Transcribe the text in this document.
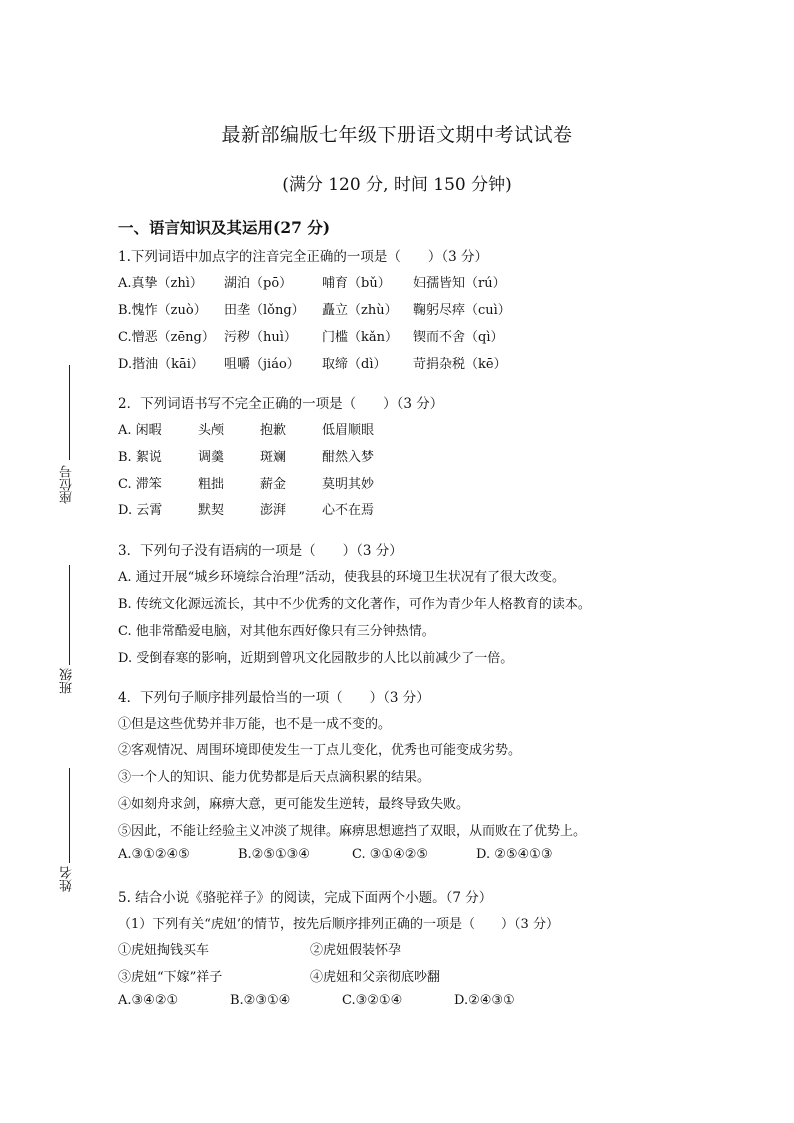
最新部编版七年级下册语文期中考试试卷
(满分 120 分, 时间 150 分钟)
一、语言知识及其运用(27 分)
座位号
班级
姓名
1.下列词语中加点字的注音完全正确的一项是（　　）（3 分）
A.真挚（zhì） 湖泊（pō） 哺育（bǔ） 妇孺皆知（rú）
B.愧怍（zuò） 田垄（lǒng） 矗立（zhù） 鞠躬尽瘁（cuì）
C.憎恶（zēng） 污秽（huì） 门槛（kǎn） 锲而不舍（qì）
D.揩油（kāi） 咀嚼（jiáo） 取缔（dì） 苛捐杂税（kē）
2．下列词语书写不完全正确的一项是（　　）（3 分）
A. 闲暇	头颅	抱歉	低眉顺眼
B. 絮说	调羹	斑斓	酣然入梦
C. 滞笨	粗拙	薪金	莫明其妙
D. 云霄	默契	澎湃	心不在焉
3．下列句子没有语病的一项是（　　）（3 分）
A. 通过开展“城乡环境综合治理”活动，使我县的环境卫生状况有了很大改变。
B. 传统文化源远流长，其中不少优秀的文化著作，可作为青少年人格教育的读本。
C. 他非常酷爱电脑，对其他东西好像只有三分钟热情。
D. 受倒春寒的影响，近期到曾巩文化园散步的人比以前减少了一倍。
4．下列句子顺序排列最恰当的一项（　　）（3 分）
①但是这些优势并非万能，也不是一成不变的。
②客观情况、周围环境即使发生一丁点儿变化，优秀也可能变成劣势。
③一个人的知识、能力优势都是后天点滴积累的结果。
④如刻舟求剑，麻痹大意，更可能发生逆转，最终导致失败。
⑤因此，不能让经验主义冲淡了规律。麻痹思想遮挡了双眼，从而败在了优势上。
A.③①②④⑤	B.②⑤①③④	C. ③①④②⑤	D. ②⑤④①③
5. 结合小说《骆驼祥子》的阅读，完成下面两个小题。（7 分）
（1）下列有关“虎妞’的情节，按先后顺序排列正确的一项是（　　）（3 分）
①虎妞掏钱买车	②虎妞假装怀孕
③虎妞“下嫁”祥子	④虎妞和父亲彻底吵翻
A.③④②①	B.②③①④	C.③②①④	D.②④③①
